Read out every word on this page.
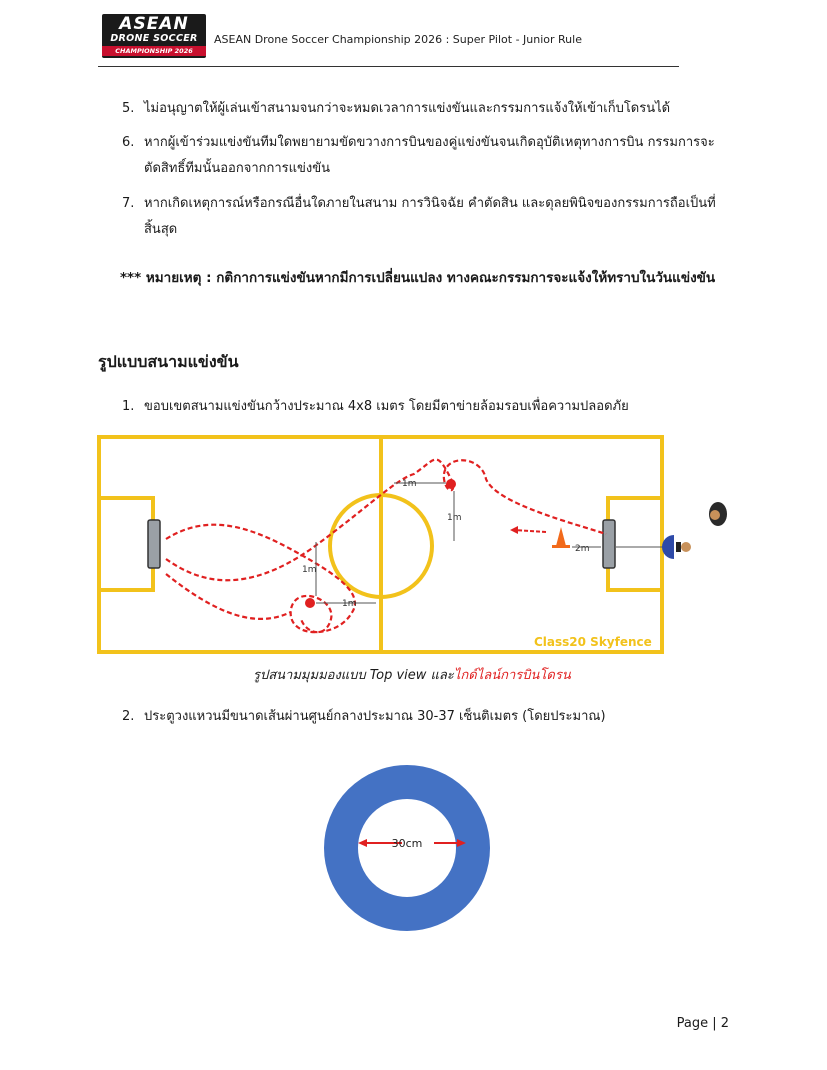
ASEAN
DRONE SOCCER
CHAMPIONSHIP 2026
ASEAN Drone Soccer Championship 2026 : Super Pilot - Junior Rule
5. ไม่อนุญาตให้ผู้เล่นเข้าสนามจนกว่าจะหมดเวลาการแข่งขันและกรรมการแจ้งให้เข้าเก็บโดรนได้
6. หากผู้เข้าร่วมแข่งขันทีมใดพยายามขัดขวางการบินของคู่แข่งขันจนเกิดอุบัติเหตุทางการบิน กรรมการจะ
ตัดสิทธิ์ทีมนั้นออกจากการแข่งขัน
7. หากเกิดเหตุการณ์หรือกรณีอื่นใดภายในสนาม การวินิจฉัย คำตัดสิน และดุลยพินิจของกรรมการถือเป็นที่
สิ้นสุด
*** หมายเหตุ : กติกาการแข่งขันหากมีการเปลี่ยนแปลง ทางคณะกรรมการจะแจ้งให้ทราบในวันแข่งขัน
รูปแบบสนามแข่งขัน
1. ขอบเขตสนามแข่งขันกว้างประมาณ 4x8 เมตร โดยมีตาข่ายล้อมรอบเพื่อความปลอดภัย
1m
1m
1m
1m
2m
Class20 Skyfence
รูปสนามมุมมองแบบ Top view และไกด์ไลน์การบินโดรน
2. ประตูวงแหวนมีขนาดเส้นผ่านศูนย์กลางประมาณ 30-37 เซ็นติเมตร (โดยประมาณ)
30cm
Page | 2
